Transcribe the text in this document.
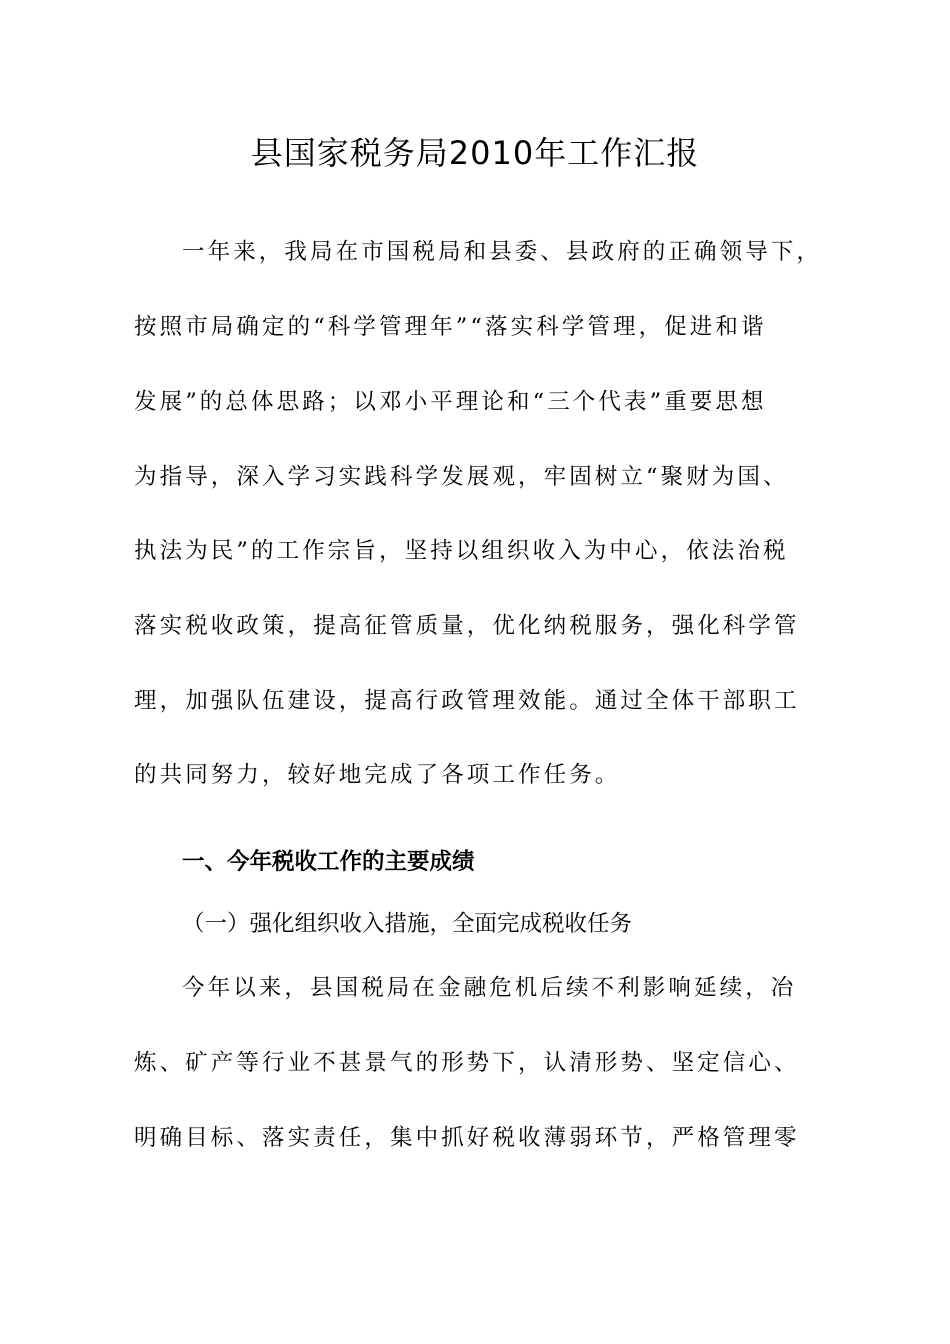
县国家税务局2010年工作汇报

一年来，我局在市国税局和县委、县政府的正确领导下，

按照市局确定的“科学管理年”“落实科学管理，促进和谐

发展”的总体思路；以邓小平理论和“三个代表”重要思想

为指导，深入学习实践科学发展观，牢固树立“聚财为国、

执法为民”的工作宗旨，坚持以组织收入为中心，依法治税

落实税收政策，提高征管质量，优化纳税服务，强化科学管

理，加强队伍建设，提高行政管理效能。通过全体干部职工

的共同努力，较好地完成了各项工作任务。

一、今年税收工作的主要成绩
（一）强化组织收入措施，全面完成税收任务

今年以来，县国税局在金融危机后续不利影响延续，冶

炼、矿产等行业不甚景气的形势下，认清形势、坚定信心、

明确目标、落实责任，集中抓好税收薄弱环节，严格管理零
